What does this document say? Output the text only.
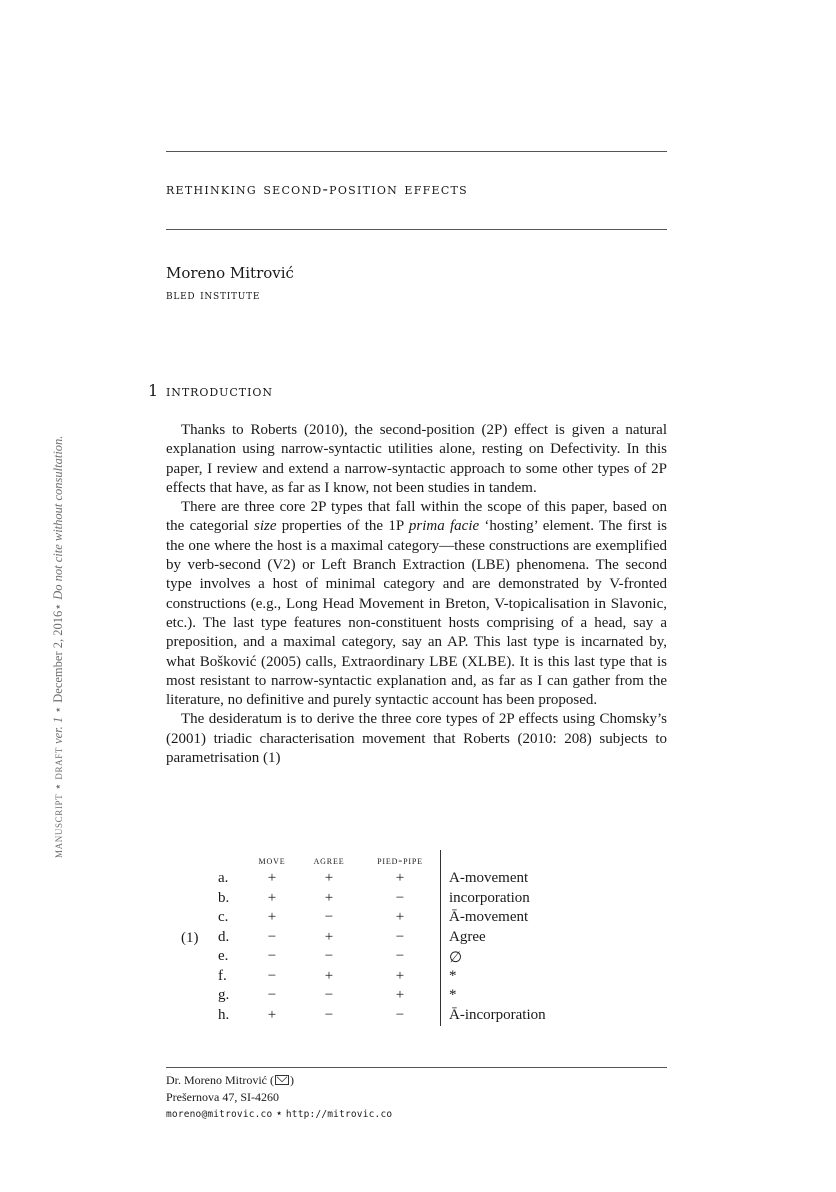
rethinking second-position effects
Moreno Mitrović
bled institute
manuscript ⋆ draft ver. 1 ⋆ December 2, 2016⋆ Do not cite without consultation.
1 introduction

Thanks to Roberts (2010), the second-position (2P) effect is given a natural explanation using narrow-syntactic utilities alone, resting on Defectivity. In this paper, I review and extend a narrow-syntactic approach to some other types of 2P effects that have, as far as I know, not been studies in tandem.

There are three core 2P types that fall within the scope of this paper, based on the categorial size properties of the 1P prima facie ‘hosting’ element. The first is the one where the host is a maximal category—these constructions are exemplified by verb-second (V2) or Left Branch Extraction (LBE) phenomena. The second type involves a host of minimal category and are demonstrated by V-fronted constructions (e.g., Long Head Movement in Breton, V-topicalisation in Slavonic, etc.). The last type features non-constituent hosts comprising of a head, say a preposition, and a maximal category, say an AP. This last type is incarnated by, what Bošković (2005) calls, Extraordinary LBE (XLBE). It is this last type that is most resistant to narrow-syntactic explanation and, as far as I can gather from the literature, no definitive and purely syntactic account has been proposed.

The desideratum is to derive the three core types of 2P effects using Chomsky’s (2001) triadic characterisation movement that Roberts (2010: 208) subjects to parametrisation (1)

(1)
move	agree	pied-pipe
a.	+	+	+	A-movement
b.	+	+	−	incorporation
c.	+	−	+	Ā-movement
d.	−	+	−	Agree
e.	−	−	−	∅
f.	−	+	+	*
g.	−	−	+	*
h.	+	−	−	Ā-incorporation
Dr. Moreno Mitrović ( )
Prešernova 47, SI-4260
moreno@mitrovic.co ⋆ http://mitrovic.co
